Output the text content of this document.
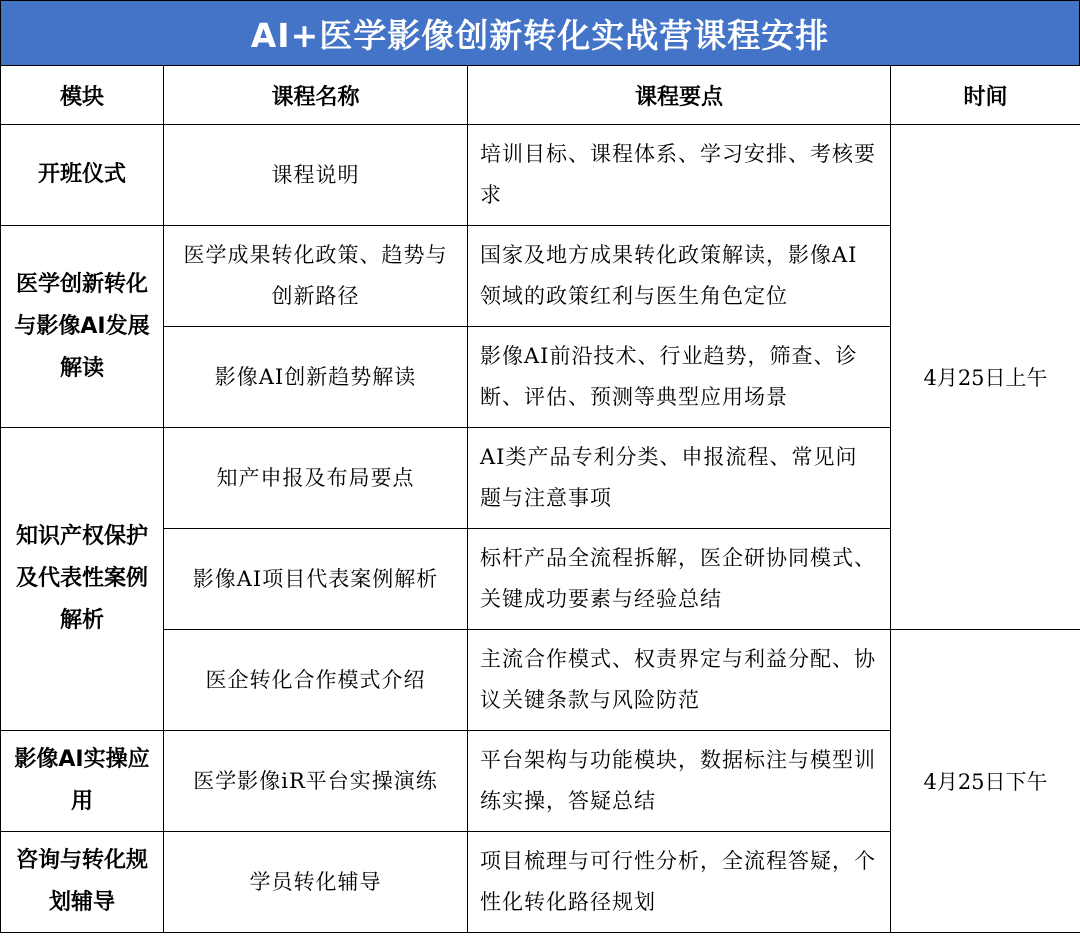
AI+医学影像创新转化实战营课程安排
模块	课程名称	课程要点	时间
开班仪式	课程说明	培训目标、课程体系、学习安排、考核要求	4月25日上午
医学创新转化与影像AI发展解读	医学成果转化政策、趋势与创新路径	国家及地方成果转化政策解读，影像AI领域的政策红利与医生角色定位	
	影像AI创新趋势解读	影像AI前沿技术、行业趋势，筛查、诊断、评估、预测等典型应用场景	
知识产权保护及代表性案例解析	知产申报及布局要点	AI类产品专利分类、申报流程、常见问题与注意事项	
	影像AI项目代表案例解析	标杆产品全流程拆解，医企研协同模式、关键成功要素与经验总结	
	医企转化合作模式介绍	主流合作模式、权责界定与利益分配、协议关键条款与风险防范	4月25日下午
影像AI实操应用	医学影像iR平台实操演练	平台架构与功能模块，数据标注与模型训练实操，答疑总结	
咨询与转化规划辅导	学员转化辅导	项目梳理与可行性分析，全流程答疑，个性化转化路径规划	
